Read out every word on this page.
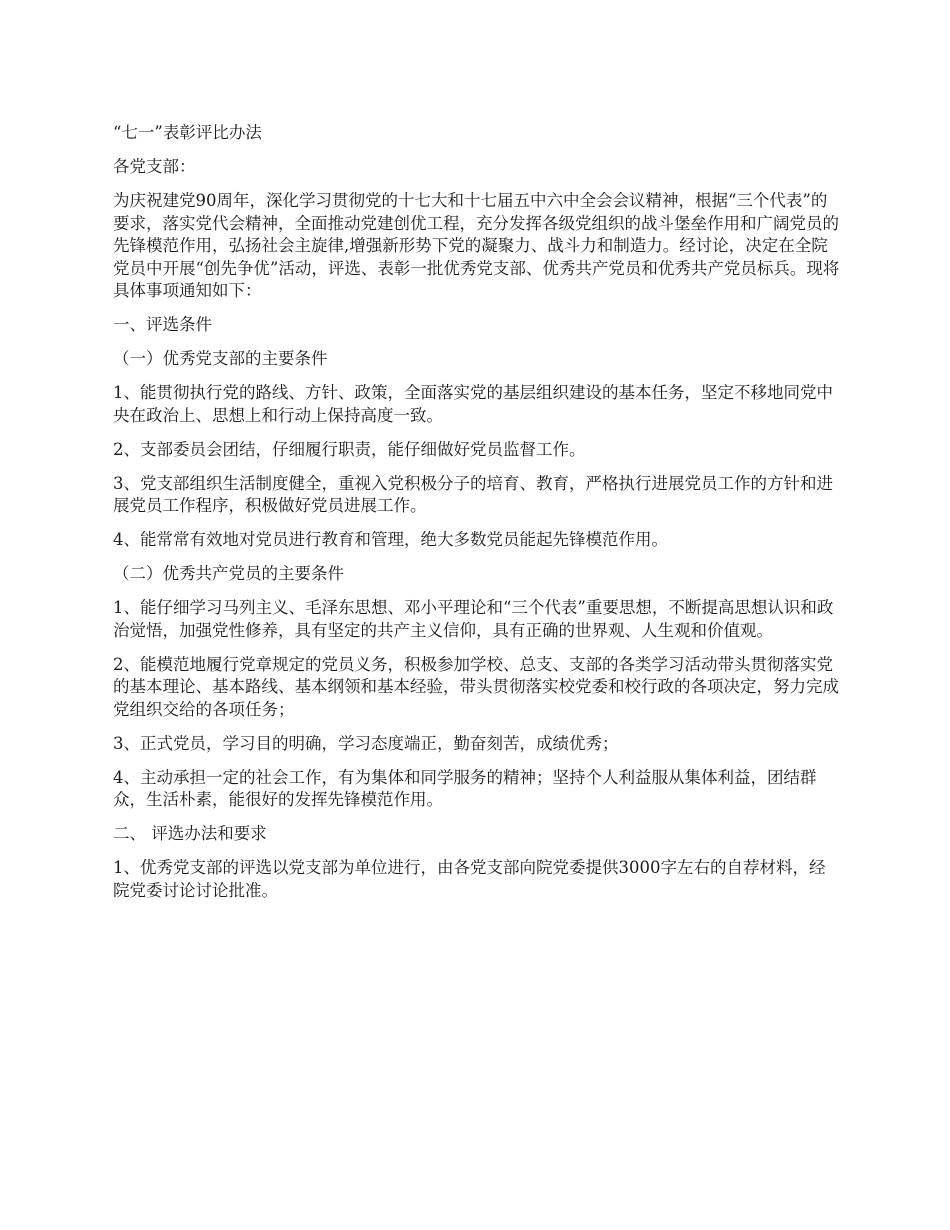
“七一”表彰评比办法

各党支部：

为庆祝建党90周年，深化学习贯彻党的十七大和十七届五中六中全会会议精神，根据“三个代表”的要求，落实党代会精神，全面推动党建创优工程，充分发挥各级党组织的战斗堡垒作用和广阔党员的先锋模范作用，弘扬社会主旋律,增强新形势下党的凝聚力、战斗力和制造力。经讨论，决定在全院党员中开展“创先争优”活动，评选、表彰一批优秀党支部、优秀共产党员和优秀共产党员标兵。现将具体事项通知如下：

一、评选条件

（一）优秀党支部的主要条件

1、能贯彻执行党的路线、方针、政策，全面落实党的基层组织建设的基本任务，坚定不移地同党中央在政治上、思想上和行动上保持高度一致。

2、支部委员会团结，仔细履行职责，能仔细做好党员监督工作。

3、党支部组织生活制度健全，重视入党积极分子的培育、教育，严格执行进展党员工作的方针和进展党员工作程序，积极做好党员进展工作。

4、能常常有效地对党员进行教育和管理，绝大多数党员能起先锋模范作用。

（二）优秀共产党员的主要条件

1、能仔细学习马列主义、毛泽东思想、邓小平理论和“三个代表”重要思想，不断提高思想认识和政治觉悟，加强党性修养，具有坚定的共产主义信仰，具有正确的世界观、人生观和价值观。

2、能模范地履行党章规定的党员义务，积极参加学校、总支、支部的各类学习活动带头贯彻落实党的基本理论、基本路线、基本纲领和基本经验，带头贯彻落实校党委和校行政的各项决定，努力完成党组织交给的各项任务；

3、正式党员，学习目的明确，学习态度端正，勤奋刻苦，成绩优秀；

4、主动承担一定的社会工作，有为集体和同学服务的精神；坚持个人利益服从集体利益，团结群众，生活朴素，能很好的发挥先锋模范作用。

二、 评选办法和要求

1、优秀党支部的评选以党支部为单位进行，由各党支部向院党委提供3000字左右的自荐材料，经院党委讨论讨论批准。
